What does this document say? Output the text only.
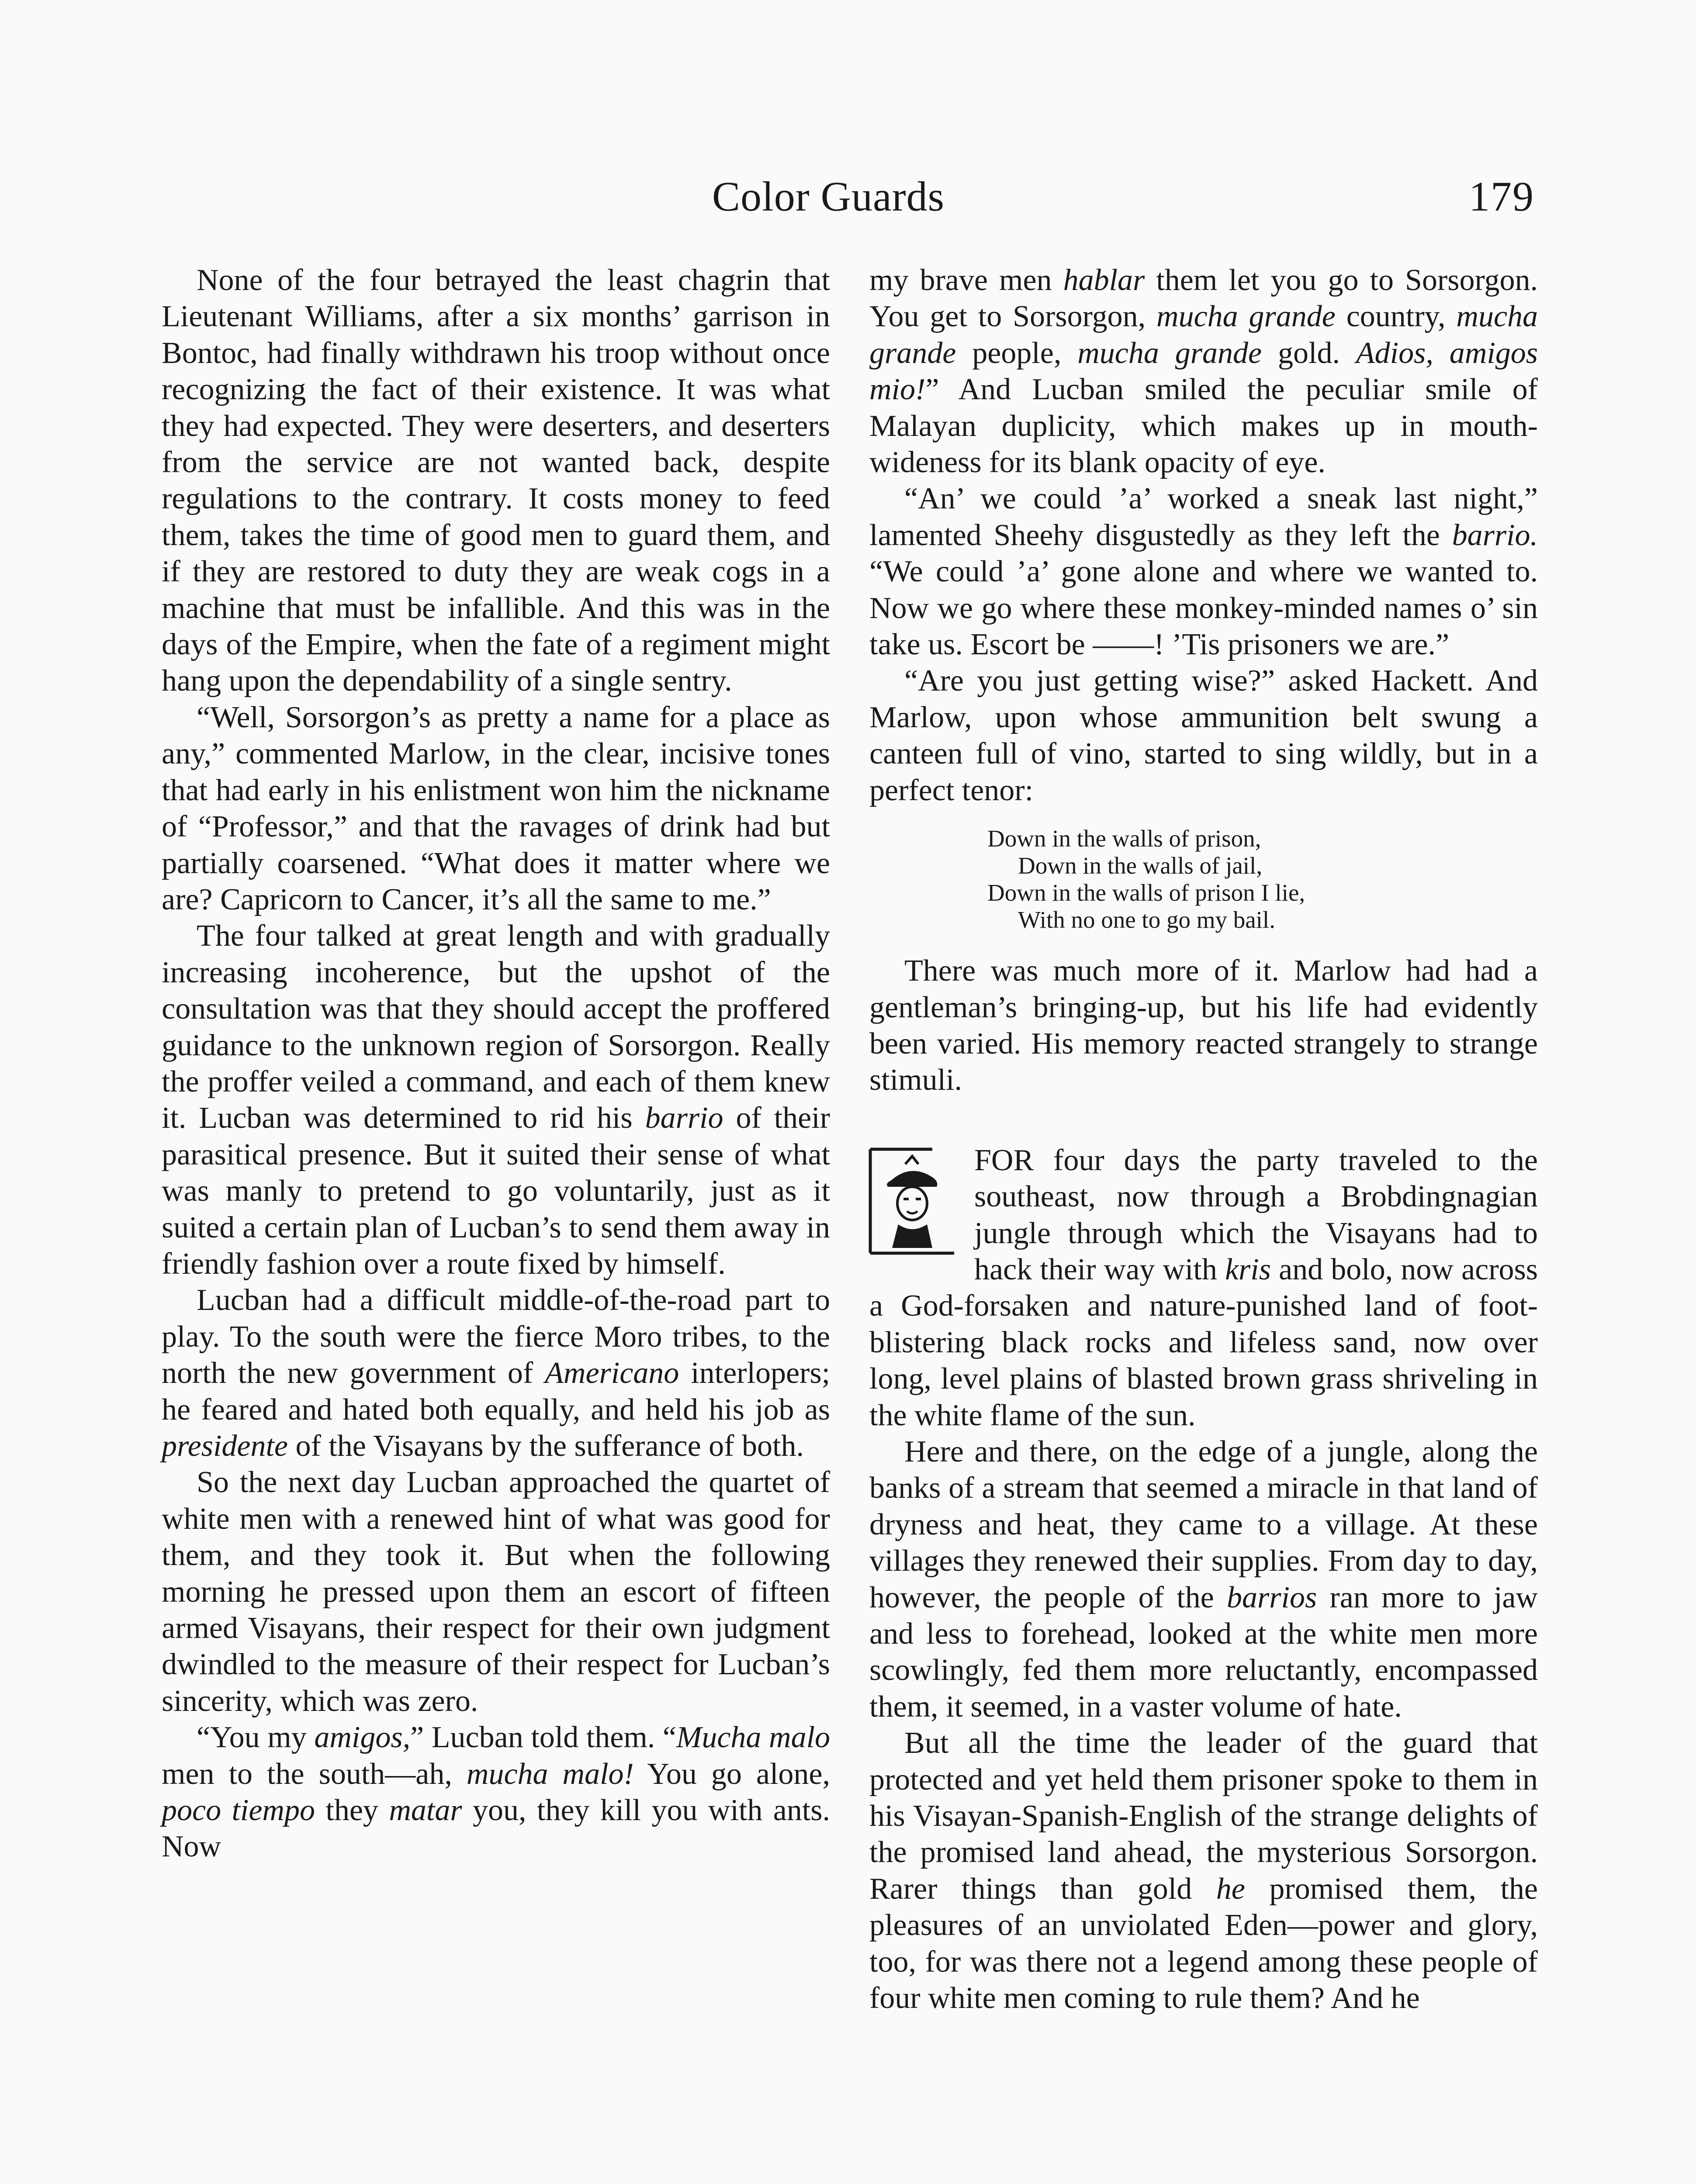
Color Guards	179

None of the four betrayed the least chagrin that Lieutenant Williams, after a six months’ garrison in Bontoc, had finally withdrawn his troop without once recognizing the fact of their existence. It was what they had expected. They were deserters, and deserters from the service are not wanted back, despite regulations to the contrary. It costs money to feed them, takes the time of good men to guard them, and if they are restored to duty they are weak cogs in a machine that must be infallible. And this was in the days of the Empire, when the fate of a regiment might hang upon the dependability of a single sentry.

“Well, Sorsorgon’s as pretty a name for a place as any,” commented Marlow, in the clear, incisive tones that had early in his enlistment won him the nickname of “Professor,” and that the ravages of drink had but partially coarsened. “What does it matter where we are? Capricorn to Cancer, it’s all the same to me.”

The four talked at great length and with gradually increasing incoherence, but the upshot of the consultation was that they should accept the proffered guidance to the unknown region of Sorsorgon. Really the proffer veiled a command, and each of them knew it. Lucban was determined to rid his barrio of their parasitical presence. But it suited their sense of what was manly to pretend to go voluntarily, just as it suited a certain plan of Lucban’s to send them away in friendly fashion over a route fixed by himself.

Lucban had a difficult middle-of-the-road part to play. To the south were the fierce Moro tribes, to the north the new government of Americano interlopers; he feared and hated both equally, and held his job as presidente of the Visayans by the sufferance of both.

So the next day Lucban approached the quartet of white men with a renewed hint of what was good for them, and they took it. But when the following morning he pressed upon them an escort of fifteen armed Visayans, their respect for their own judgment dwindled to the measure of their respect for Lucban’s sincerity, which was zero.

“You my amigos,” Lucban told them. “Mucha malo men to the south—ah, mucha malo! You go alone, poco tiempo they matar you, they kill you with ants. Now

my brave men hablar them let you go to Sorsorgon. You get to Sorsorgon, mucha grande country, mucha grande people, mucha grande gold. Adios, amigos mio!” And Lucban smiled the peculiar smile of Malayan duplicity, which makes up in mouth-wideness for its blank opacity of eye.

“An’ we could ’a’ worked a sneak last night,” lamented Sheehy disgustedly as they left the barrio. “We could ’a’ gone alone and where we wanted to. Now we go where these monkey-minded names o’ sin take us. Escort be ——! ’Tis prisoners we are.”

“Are you just getting wise?” asked Hackett. And Marlow, upon whose ammunition belt swung a canteen full of vino, started to sing wildly, but in a perfect tenor:

Down in the walls of prison,
Down in the walls of jail,
Down in the walls of prison I lie,
With no one to go my bail.

There was much more of it. Marlow had had a gentleman’s bringing-up, but his life had evidently been varied. His memory reacted strangely to strange stimuli.

FOR four days the party traveled to the southeast, now through a Brobdingnagian jungle through which the Visayans had to hack their way with kris and bolo, now across a God-forsaken and nature-punished land of foot-blistering black rocks and lifeless sand, now over long, level plains of blasted brown grass shriveling in the white flame of the sun.

Here and there, on the edge of a jungle, along the banks of a stream that seemed a miracle in that land of dryness and heat, they came to a village. At these villages they renewed their supplies. From day to day, however, the people of the barrios ran more to jaw and less to forehead, looked at the white men more scowlingly, fed them more reluctantly, encompassed them, it seemed, in a vaster volume of hate.

But all the time the leader of the guard that protected and yet held them prisoner spoke to them in his Visayan-Spanish-English of the strange delights of the promised land ahead, the mysterious Sorsorgon. Rarer things than gold he promised them, the pleasures of an unviolated Eden—power and glory, too, for was there not a legend among these people of four white men coming to rule them? And he
